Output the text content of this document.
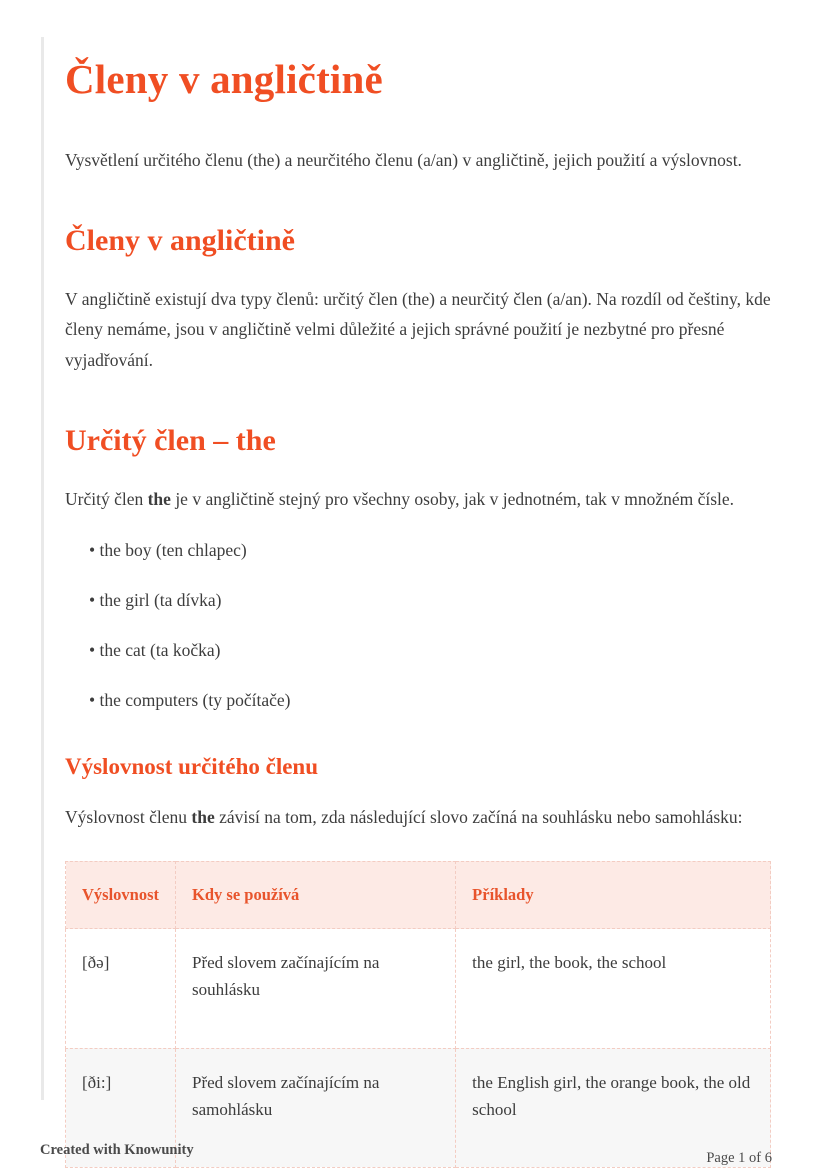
Členy v angličtině

Vysvětlení určitého členu (the) a neurčitého členu (a/an) v angličtině, jejich použití a výslovnost.

Členy v angličtině

V angličtině existují dva typy členů: určitý člen (the) a neurčitý člen (a/an). Na rozdíl od češtiny, kde členy nemáme, jsou v angličtině velmi důležité a jejich správné použití je nezbytné pro přesné vyjadřování.

Určitý člen – the

Určitý člen the je v angličtině stejný pro všechny osoby, jak v jednotném, tak v množném čísle.

• the boy (ten chlapec)
• the girl (ta dívka)
• the cat (ta kočka)
• the computers (ty počítače)
Výslovnost určitého členu

Výslovnost členu the závisí na tom, zda následující slovo začíná na souhlásku nebo samohlásku:

Výslovnost	Kdy se používá	Příklady
[ðə]	Před slovem začínajícím na souhlásku	the girl, the book, the school
[ði:]	Před slovem začínajícím na samohlásku	the English girl, the orange book, the old school
Created with Knowunity	Page 1 of 6
